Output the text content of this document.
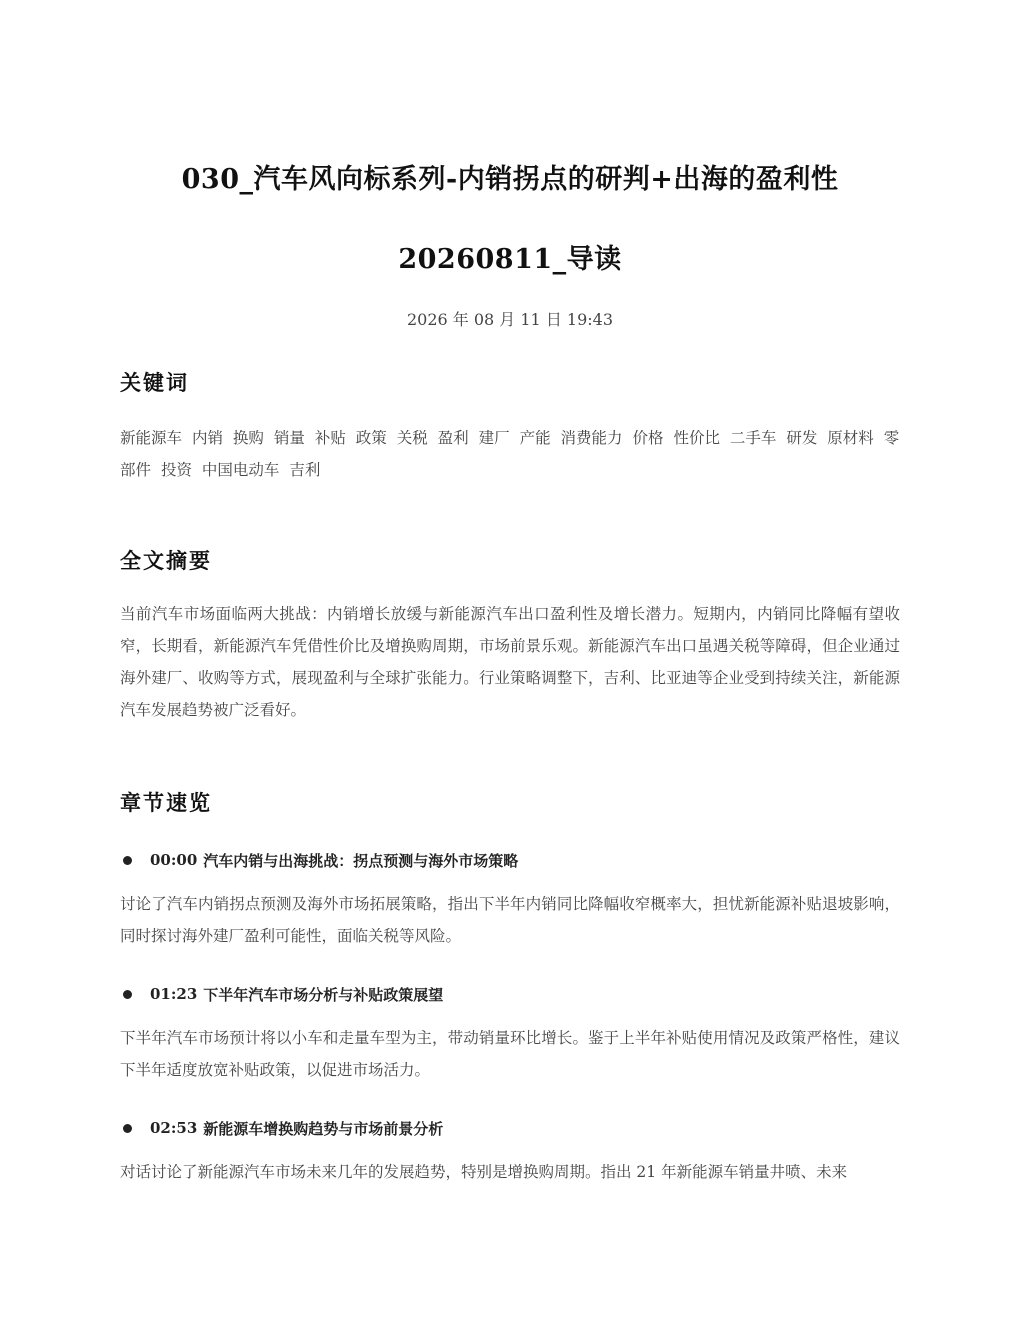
030_汽车风向标系列-内销拐点的研判+出海的盈利性
20260811_导读
2026 年 08 月 11 日 19:43
关键词
新能源车 内销 换购 销量 补贴 政策 关税 盈利 建厂 产能 消费能力 价格 性价比 二手车 研发 原材料 零部件 投资 中国电动车 吉利
全文摘要

当前汽车市场面临两大挑战：内销增长放缓与新能源汽车出口盈利性及增长潜力。短期内，内销同比降幅有望收窄，长期看，新能源汽车凭借性价比及增换购周期，市场前景乐观。新能源汽车出口虽遇关税等障碍，但企业通过海外建厂、收购等方式，展现盈利与全球扩张能力。行业策略调整下，吉利、比亚迪等企业受到持续关注，新能源汽车发展趋势被广泛看好。

章节速览
00:00 汽车内销与出海挑战：拐点预测与海外市场策略
讨论了汽车内销拐点预测及海外市场拓展策略，指出下半年内销同比降幅收窄概率大，担忧新能源补贴退坡影响，同时探讨海外建厂盈利可能性，面临关税等风险。
01:23 下半年汽车市场分析与补贴政策展望
下半年汽车市场预计将以小车和走量车型为主，带动销量环比增长。鉴于上半年补贴使用情况及政策严格性，建议下半年适度放宽补贴政策，以促进市场活力。
02:53 新能源车增换购趋势与市场前景分析
对话讨论了新能源汽车市场未来几年的发展趋势，特别是增换购周期。指出 21 年新能源车销量井喷、未来
